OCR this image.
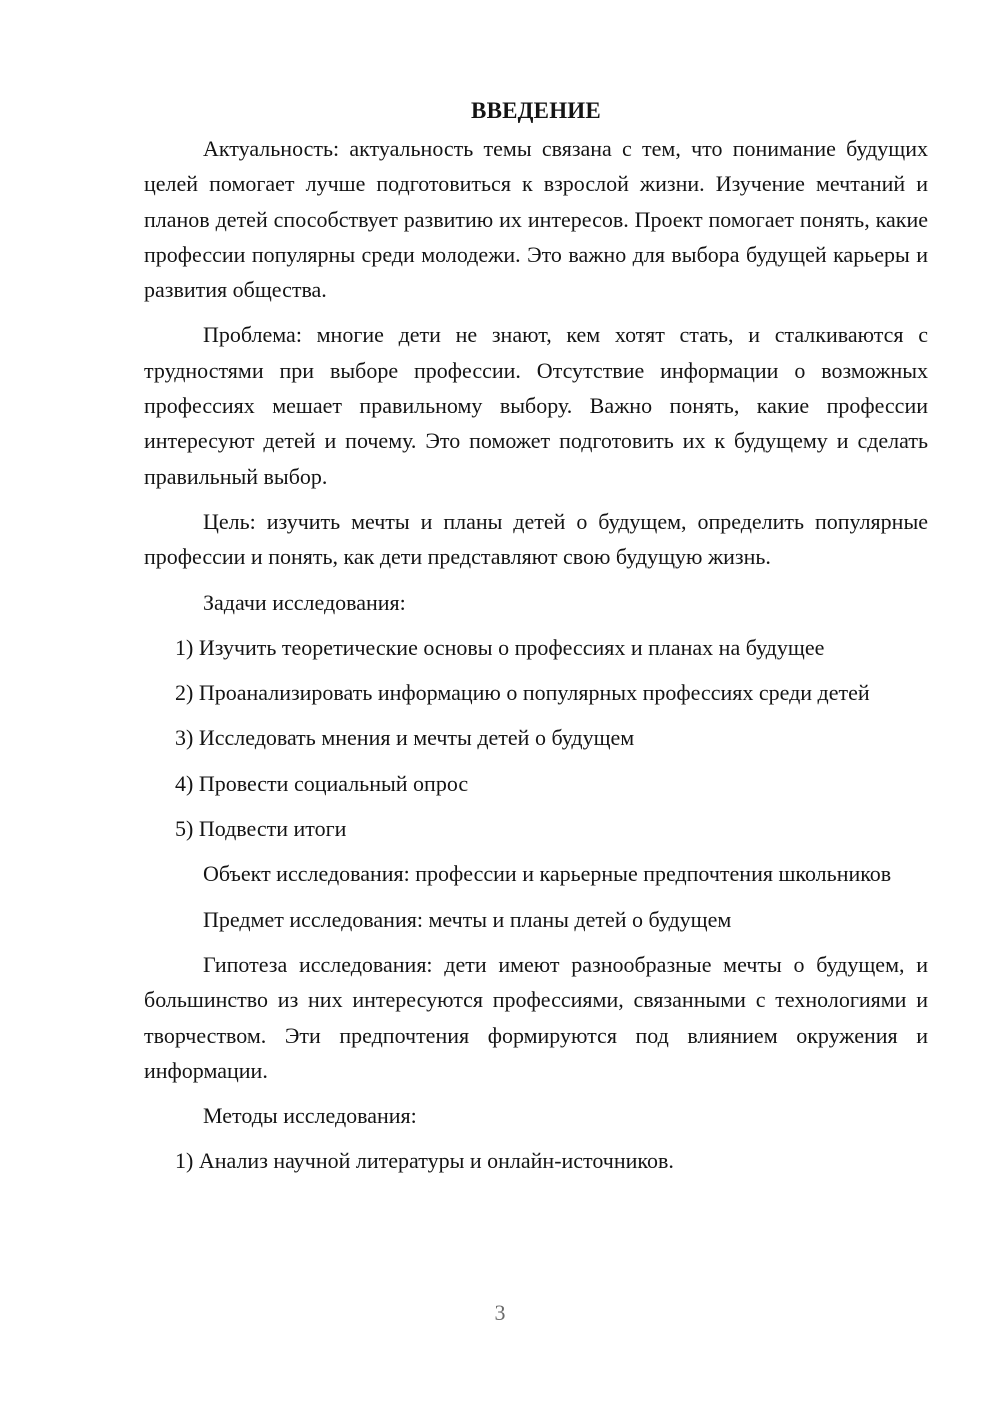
ВВЕДЕНИЕ

Актуальность: актуальность темы связана с тем, что понимание будущих целей помогает лучше подготовиться к взрослой жизни. Изучение мечтаний и планов детей способствует развитию их интересов. Проект помогает понять, какие профессии популярны среди молодежи. Это важно для выбора будущей карьеры и развития общества.

Проблема: многие дети не знают, кем хотят стать, и сталкиваются с трудностями при выборе профессии. Отсутствие информации о возможных профессиях мешает правильному выбору. Важно понять, какие профессии интересуют детей и почему. Это поможет подготовить их к будущему и сделать правильный выбор.

Цель: изучить мечты и планы детей о будущем, определить популярные профессии и понять, как дети представляют свою будущую жизнь.

Задачи исследования:

1) Изучить теоретические основы о профессиях и планах на будущее

2) Проанализировать информацию о популярных профессиях среди детей

3) Исследовать мнения и мечты детей о будущем

4) Провести социальный опрос

5) Подвести итоги

Объект исследования: профессии и карьерные предпочтения школьников

Предмет исследования: мечты и планы детей о будущем

Гипотеза исследования: дети имеют разнообразные мечты о будущем, и большинство из них интересуются профессиями, связанными с технологиями и творчеством. Эти предпочтения формируются под влиянием окружения и информации.

Методы исследования:

1) Анализ научной литературы и онлайн-источников.

3
